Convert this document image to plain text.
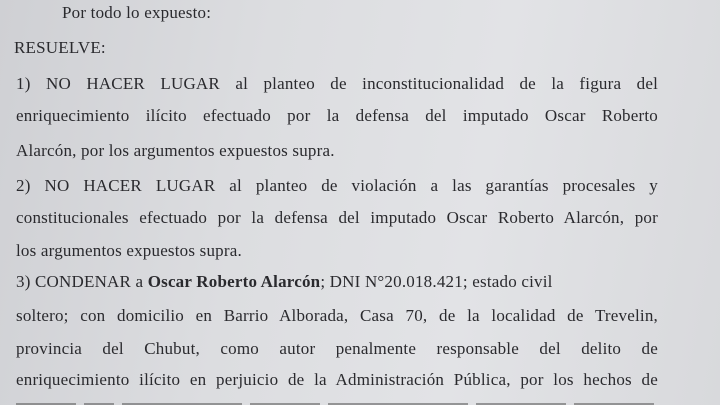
Por todo lo expuesto:
RESUELVE:
1) NO HACER LUGAR al planteo de inconstitucionalidad de la figura del
enriquecimiento ilícito efectuado por la defensa del imputado Oscar Roberto
Alarcón, por los argumentos expuestos supra.
2) NO HACER LUGAR al planteo de violación a las garantías procesales y
constitucionales efectuado por la defensa del imputado Oscar Roberto Alarcón, por
los argumentos expuestos supra.
3) CONDENAR a Oscar Roberto Alarcón; DNI N°20.018.421; estado civil
soltero; con domicilio en Barrio Alborada, Casa 70, de la localidad de Trevelin,
provincia del Chubut, como autor penalmente responsable del delito de
enriquecimiento ilícito en perjuicio de la Administración Pública, por los hechos de
